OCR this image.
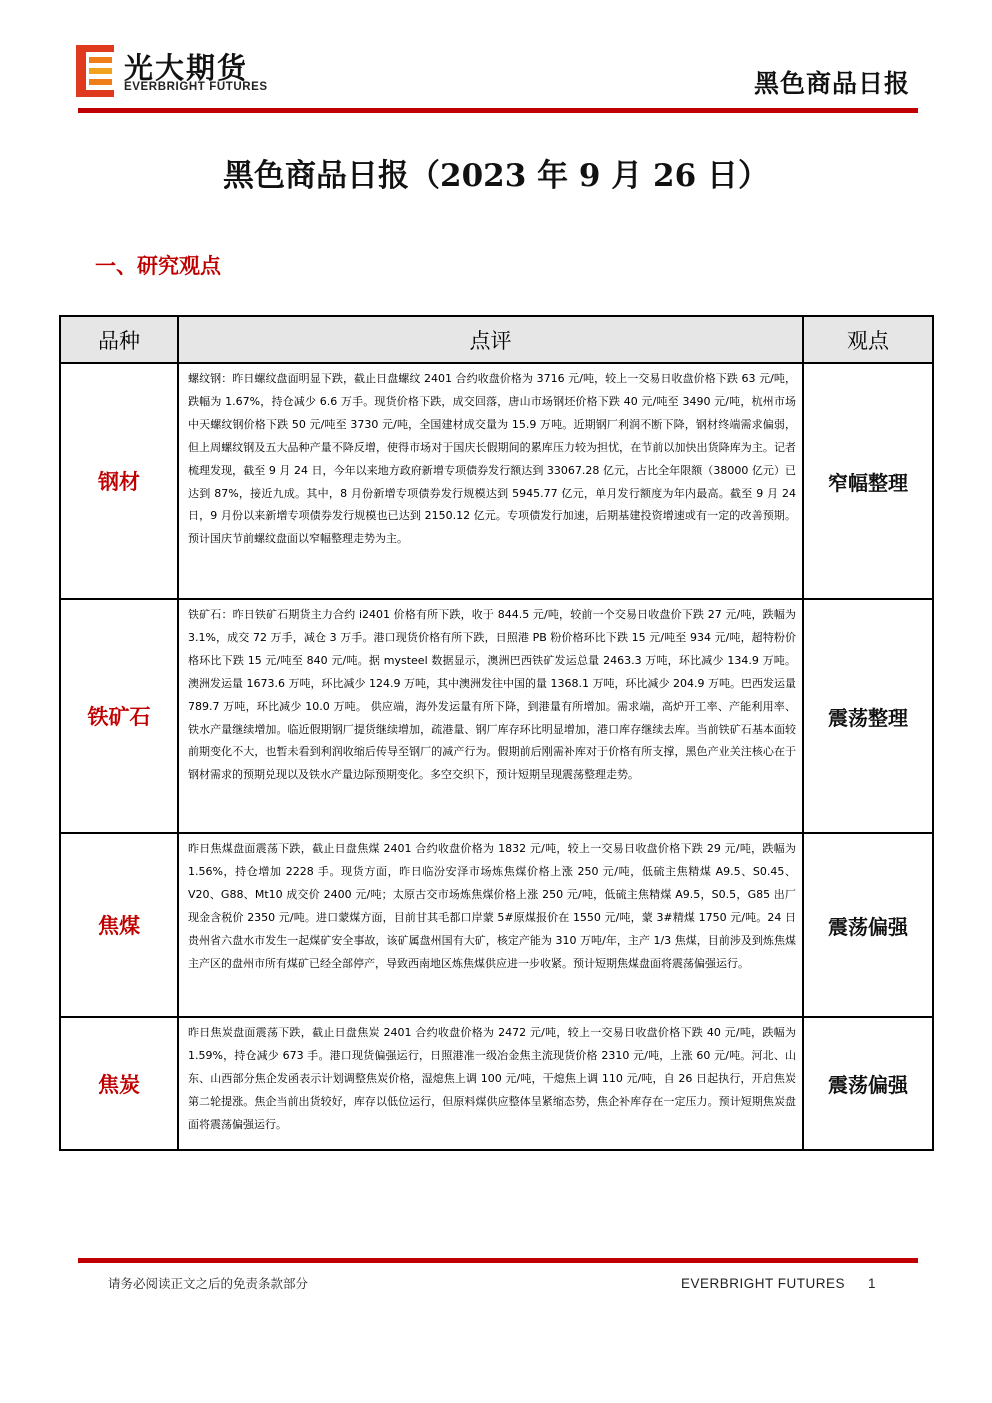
光大期货
EVERBRIGHT FUTURES	黑色商品日报
黑色商品日报（2023 年 9 月 26 日）
一、研究观点
品种	点评	观点
钢材	螺纹钢：昨日螺纹盘面明显下跌，截止日盘螺纹 2401 合约收盘价格为 3716 元/吨，较上一交易日收盘价格下跌 63 元/吨，跌幅为 1.67%，持仓减少 6.6 万手。现货价格下跌，成交回落，唐山市场钢坯价格下跌 40 元/吨至 3490 元/吨，杭州市场中天螺纹钢价格下跌 50 元/吨至 3730 元/吨，全国建材成交量为 15.9 万吨。近期钢厂利润不断下降，钢材终端需求偏弱，但上周螺纹钢及五大品种产量不降反增，使得市场对于国庆长假期间的累库压力较为担忧，在节前以加快出货降库为主。记者梳理发现，截至 9 月 24 日，今年以来地方政府新增专项债券发行额达到 33067.28 亿元，占比全年限额（38000 亿元）已达到 87%，接近九成。其中，8 月份新增专项债券发行规模达到 5945.77 亿元，单月发行额度为年内最高。截至 9 月 24 日，9 月份以来新增专项债券发行规模也已达到 2150.12 亿元。专项债发行加速，后期基建投资增速或有一定的改善预期。预计国庆节前螺纹盘面以窄幅整理走势为主。	窄幅整理
铁矿石	铁矿石：昨日铁矿石期货主力合约 i2401 价格有所下跌，收于 844.5 元/吨，较前一个交易日收盘价下跌 27 元/吨，跌幅为 3.1%，成交 72 万手，减仓 3 万手。港口现货价格有所下跌，日照港 PB 粉价格环比下跌 15 元/吨至 934 元/吨，超特粉价格环比下跌 15 元/吨至 840 元/吨。据 mysteel 数据显示，澳洲巴西铁矿发运总量 2463.3 万吨，环比减少 134.9 万吨。澳洲发运量 1673.6 万吨，环比减少 124.9 万吨，其中澳洲发往中国的量 1368.1 万吨，环比减少 204.9 万吨。巴西发运量 789.7 万吨，环比减少 10.0 万吨。 供应端，海外发运量有所下降，到港量有所增加。需求端，高炉开工率、产能利用率、铁水产量继续增加。临近假期钢厂提货继续增加，疏港量、钢厂库存环比明显增加，港口库存继续去库。当前铁矿石基本面较前期变化不大，也暂未看到利润收缩后传导至钢厂的减产行为。假期前后刚需补库对于价格有所支撑，黑色产业关注核心在于钢材需求的预期兑现以及铁水产量边际预期变化。多空交织下，预计短期呈现震荡整理走势。	震荡整理
焦煤	昨日焦煤盘面震荡下跌，截止日盘焦煤 2401 合约收盘价格为 1832 元/吨，较上一交易日收盘价格下跌 29 元/吨，跌幅为 1.56%，持仓增加 2228 手。现货方面，昨日临汾安泽市场炼焦煤价格上涨 250 元/吨，低硫主焦精煤 A9.5、S0.45、V20、G88、Mt10 成交价 2400 元/吨；太原古交市场炼焦煤价格上涨 250 元/吨，低硫主焦精煤 A9.5，S0.5，G85 出厂现金含税价 2350 元/吨。进口蒙煤方面，目前甘其毛都口岸蒙 5#原煤报价在 1550 元/吨，蒙 3#精煤 1750 元/吨。24 日贵州省六盘水市发生一起煤矿安全事故，该矿属盘州国有大矿，核定产能为 310 万吨/年，主产 1/3 焦煤，目前涉及到炼焦煤主产区的盘州市所有煤矿已经全部停产，导致西南地区炼焦煤供应进一步收紧。预计短期焦煤盘面将震荡偏强运行。	震荡偏强
焦炭	昨日焦炭盘面震荡下跌，截止日盘焦炭 2401 合约收盘价格为 2472 元/吨，较上一交易日收盘价格下跌 40 元/吨，跌幅为 1.59%，持仓减少 673 手。港口现货偏强运行，日照港准一级冶金焦主流现货价格 2310 元/吨，上涨 60 元/吨。河北、山东、山西部分焦企发函表示计划调整焦炭价格，湿熄焦上调 100 元/吨，干熄焦上调 110 元/吨，自 26 日起执行，开启焦炭第二轮提涨。焦企当前出货较好，库存以低位运行，但原料煤供应整体呈紧缩态势，焦企补库存在一定压力。预计短期焦炭盘面将震荡偏强运行。	震荡偏强
请务必阅读正文之后的免责条款部分	EVERBRIGHT FUTURES 1
